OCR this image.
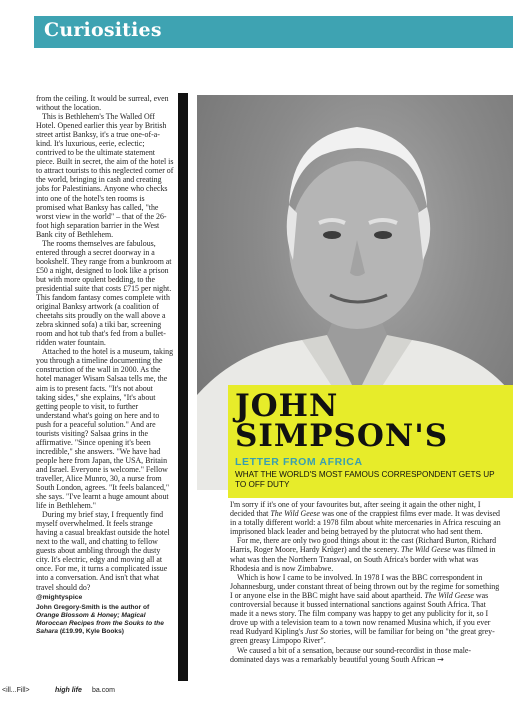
Curiosities

from the ceiling. It would be surreal, even without the location.

This is Bethlehem's The Walled Off Hotel. Opened earlier this year by British street artist Banksy, it's a true one-of-a-kind. It's luxurious, eerie, eclectic; contrived to be the ultimate statement piece. Built in secret, the aim of the hotel is to attract tourists to this neglected corner of the world, bringing in cash and creating jobs for Palestinians. Anyone who checks into one of the hotel's ten rooms is promised what Banksy has called, "the worst view in the world" – that of the 26-foot high separation barrier in the West Bank city of Bethlehem.

The rooms themselves are fabulous, entered through a secret doorway in a bookshelf. They range from a bunkroom at £50 a night, designed to look like a prison but with more opulent bedding, to the presidential suite that costs £715 per night. This fandom fantasy comes complete with original Banksy artwork (a coalition of cheetahs sits proudly on the wall above a zebra skinned sofa) a tiki bar, screening room and hot tub that's fed from a bullet-ridden water fountain.

Attached to the hotel is a museum, taking you through a timeline documenting the construction of the wall in 2000. As the hotel manager Wisam Salsaa tells me, the aim is to present facts. "It's not about taking sides," she explains, "It's about getting people to visit, to further understand what's going on here and to push for a peaceful solution." And are tourists visiting? Salsaa grins in the affirmative. "Since opening it's been incredible," she answers. "We have had people here from Japan, the USA, Britain and Israel. Everyone is welcome." Fellow traveller, Alice Munro, 30, a nurse from South London, agrees. "It feels balanced," she says. "I've learnt a huge amount about life in Bethlehem."

During my brief stay, I frequently find myself overwhelmed. It feels strange having a casual breakfast outside the hotel next to the wall, and chatting to fellow guests about ambling through the dusty city. It's electric, edgy and moving all at once. For me, it turns a complicated issue into a conversation. And isn't that what travel should do?

@mightyspice

John Gregory-Smith is the author of Orange Blossom & Honey; Magical Moroccan Recipes from the Souks to the Sahara (£19.99, Kyle Books)

JOHN
SIMPSON'S

LETTER FROM AFRICA

WHAT THE WORLD'S MOST FAMOUS CORRESPONDENT GETS UP TO OFF DUTY

I'm sorry if it's one of your favourites but, after seeing it again the other night, I decided that The Wild Geese was one of the crappiest films ever made. It was devised in a totally different world: a 1978 film about white mercenaries in Africa rescuing an imprisoned black leader and being betrayed by the plutocrat who had sent them.

For me, there are only two good things about it: the cast (Richard Burton, Richard Harris, Roger Moore, Hardy Krüger) and the scenery. The Wild Geese was filmed in what was then the Northern Transvaal, on South Africa's border with what was Rhodesia and is now Zimbabwe.

Which is how I came to be involved. In 1978 I was the BBC correspondent in Johannesburg, under constant threat of being thrown out by the regime for something I or anyone else in the BBC might have said about apartheid. The Wild Geese was controversial because it bussed international sanctions against South Africa. That made it a news story. The film company was happy to get any publicity for it, so I drove up with a television team to a town now renamed Musina which, if you ever read Rudyard Kipling's Just So stories, will be familiar for being on "the great grey-green greasy Limpopo River".

We caused a bit of a sensation, because our sound-recordist in those male-dominated days was a remarkably beautiful young South African →

<ill...Fill>	high life ba.com
